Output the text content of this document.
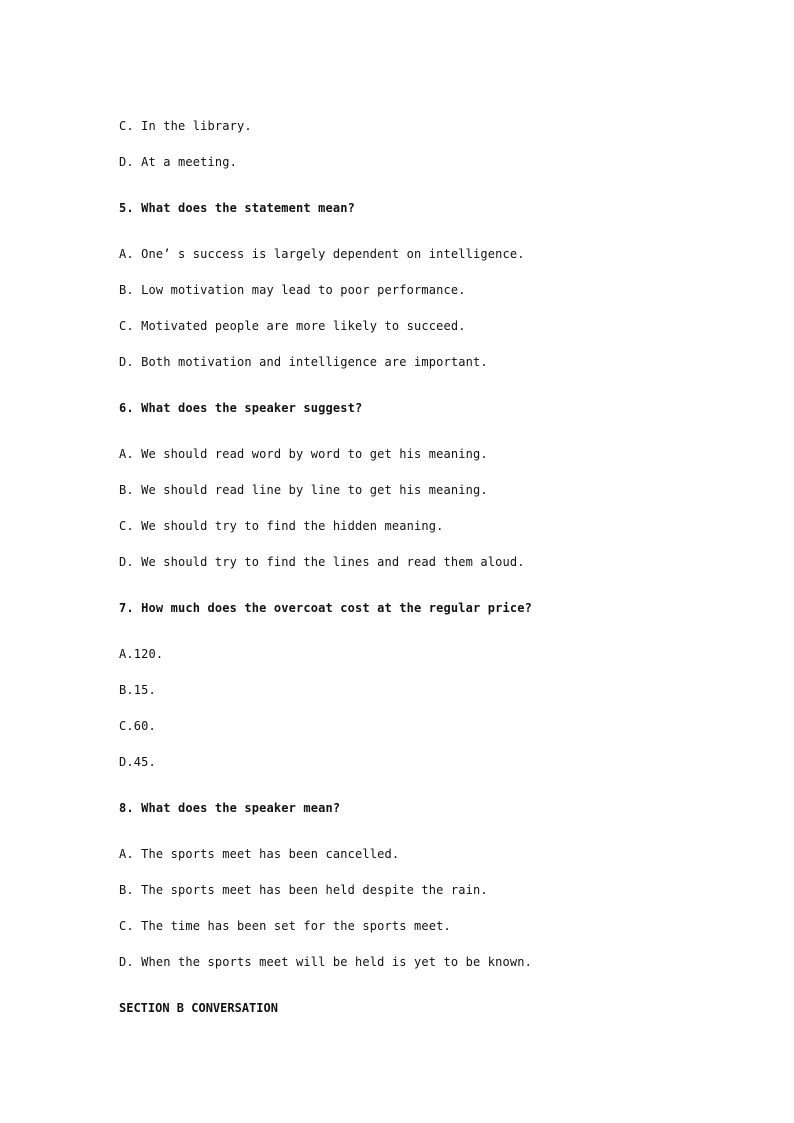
C. In the library.
D. At a meeting.
5. What does the statement mean?
A. One’ s success is largely dependent on intelligence.
B. Low motivation may lead to poor performance.
C. Motivated people are more likely to succeed.
D. Both motivation and intelligence are important.
6. What does the speaker suggest?
A. We should read word by word to get his meaning.
B. We should read line by line to get his meaning.
C. We should try to find the hidden meaning.
D. We should try to find the lines and read them aloud.
7. How much does the overcoat cost at the regular price?
A.120.
B.15.
C.60.
D.45.
8. What does the speaker mean?
A. The sports meet has been cancelled.
B. The sports meet has been held despite the rain.
C. The time has been set for the sports meet.
D. When the sports meet will be held is yet to be known.
SECTION B CONVERSATION
